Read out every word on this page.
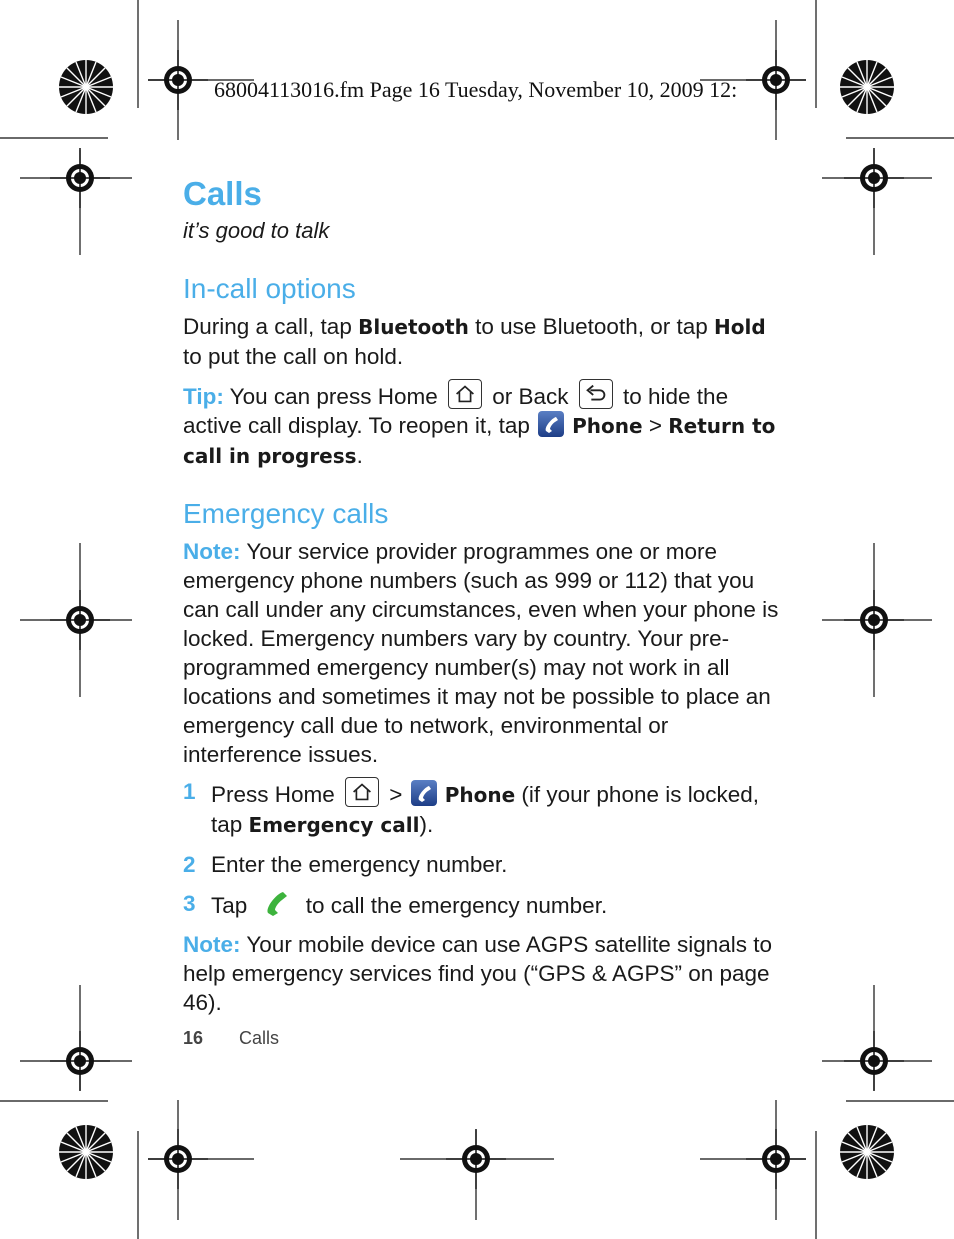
68004113016.fm Page 16 Tuesday, November 10, 2009 12:
Calls

it’s good to talk

In-call options

During a call, tap Bluetooth to use Bluetooth, or tap Hold to put the call on hold.

Tip: You can press Home
or Back
to hide the active call display. To reopen it, tap
Phone > Return to call in progress.

Emergency calls

Note: Your service provider programmes one or more emergency phone numbers (such as 999 or 112) that you can call under any circumstances, even when your phone is locked. Emergency numbers vary by country. Your pre-programmed emergency number(s) may not work in all locations and sometimes it may not be possible to place an emergency call due to network, environmental or interference issues.

1 Press Home
>
Phone (if your phone is locked, tap Emergency call).
2 Enter the emergency number.
3 Tap
to call the emergency number.

Note: Your mobile device can use AGPS satellite signals to help emergency services find you (“GPS & AGPS” on page 46).

16 Calls
